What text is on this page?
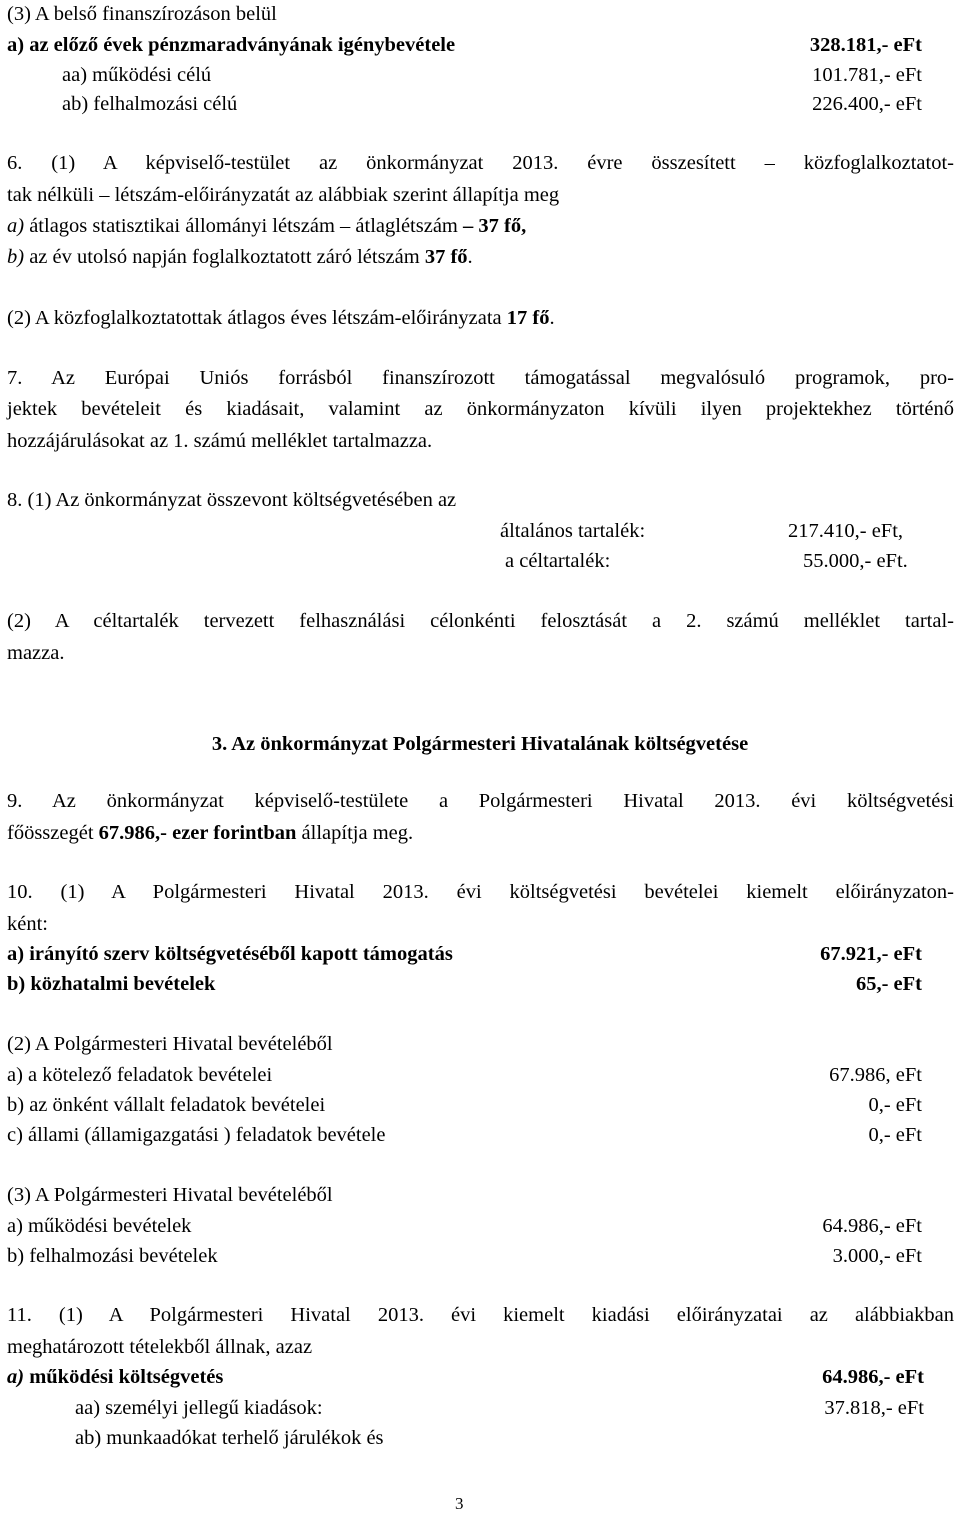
(3) A belső finanszírozáson belül
a) az előző évek pénzmaradványának igénybevétele	328.181,- eFt
aa) működési célú	101.781,- eFt
ab) felhalmozási célú	226.400,- eFt
6. (1) A képviselő-testület az önkormányzat 2013. évre összesített – közfoglalkoztatot-
tak nélküli – létszám-előirányzatát az alábbiak szerint állapítja meg
a) átlagos statisztikai állományi létszám – átlaglétszám – 37 fő,
b) az év utolsó napján foglalkoztatott záró létszám 37 fő.
(2) A közfoglalkoztatottak átlagos éves létszám-előirányzata 17 fő.
7. Az Európai Uniós forrásból finanszírozott támogatással megvalósuló programok, pro-
jektek bevételeit és kiadásait, valamint az önkormányzaton kívüli ilyen projektekhez történő
hozzájárulásokat az 1. számú melléklet tartalmazza.
8. (1) Az önkormányzat összevont költségvetésében az
általános tartalék:	217.410,- eFt,
a céltartalék:	55.000,- eFt.
(2) A céltartalék tervezett felhasználási célonkénti felosztását a 2. számú melléklet tartal-
mazza.
3. Az önkormányzat Polgármesteri Hivatalának költségvetése
9. Az önkormányzat képviselő-testülete a Polgármesteri Hivatal 2013. évi költségvetési
főösszegét 67.986,- ezer forintban állapítja meg.
10. (1) A Polgármesteri Hivatal 2013. évi költségvetési bevételei kiemelt előirányzaton-
ként:
a) irányító szerv költségvetéséből kapott támogatás	67.921,- eFt
b) közhatalmi bevételek	65,- eFt
(2) A Polgármesteri Hivatal bevételéből
a) a kötelező feladatok bevételei	67.986, eFt
b) az önként vállalt feladatok bevételei	0,- eFt
c) állami (államigazgatási ) feladatok bevétele	0,- eFt
(3) A Polgármesteri Hivatal bevételéből
a) működési bevételek	64.986,- eFt
b) felhalmozási bevételek	3.000,- eFt
11. (1) A Polgármesteri Hivatal 2013. évi kiemelt kiadási előirányzatai az alábbiakban
meghatározott tételekből állnak, azaz
a) működési költségvetés	64.986,- eFt
aa) személyi jellegű kiadások:	37.818,- eFt
ab) munkaadókat terhelő járulékok és
3
